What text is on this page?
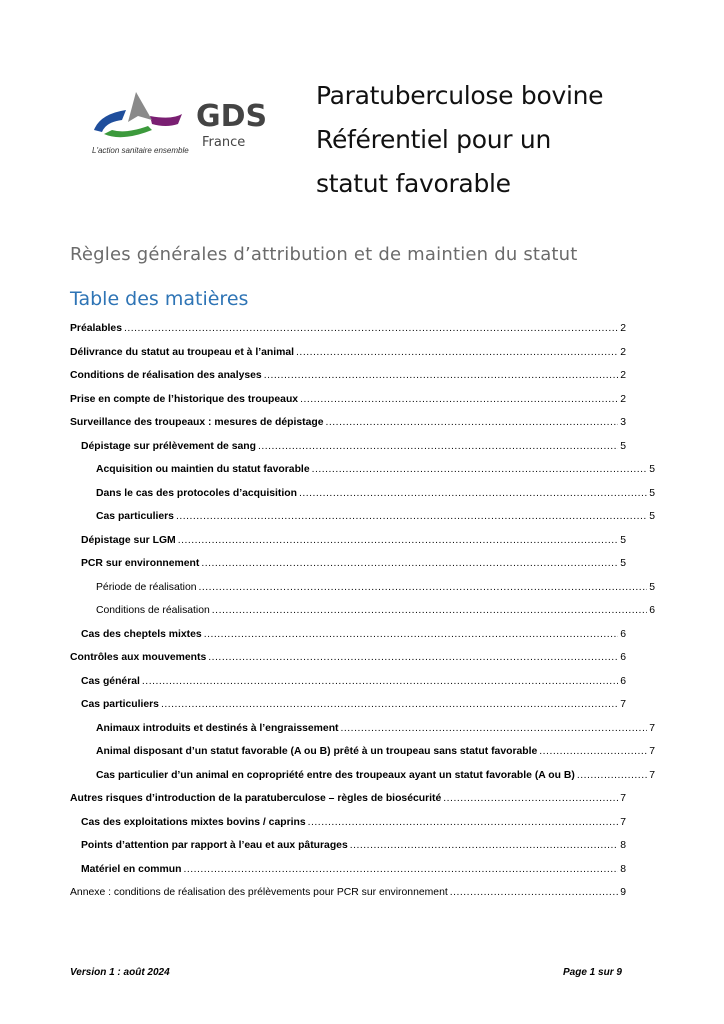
GDS
France
L'action sanitaire ensemble
Paratuberculose bovine
Référentiel pour un
statut favorable
Règles générales d’attribution et de maintien du statut
Table des matières
Préalables .....	2
Délivrance du statut au troupeau et à l’animal .....	2
Conditions de réalisation des analyses .....	2
Prise en compte de l’historique des troupeaux .....	2
Surveillance des troupeaux : mesures de dépistage .....	3
Dépistage sur prélèvement de sang .....	5
Acquisition ou maintien du statut favorable .....	5
Dans le cas des protocoles d’acquisition .....	5
Cas particuliers .....	5
Dépistage sur LGM .....	5
PCR sur environnement .....	5
Période de réalisation .....	5
Conditions de réalisation .....	6
Cas des cheptels mixtes .....	6
Contrôles aux mouvements .....	6
Cas général .....	6
Cas particuliers .....	7
Animaux introduits et destinés à l’engraissement .....	7
Animal disposant d’un statut favorable (A ou B) prêté à un troupeau sans statut favorable .....	7
Cas particulier d’un animal en copropriété entre des troupeaux ayant un statut favorable (A ou B) .....	7
Autres risques d’introduction de la paratuberculose – règles de biosécurité .....	7
Cas des exploitations mixtes bovins / caprins .....	7
Points d’attention par rapport à l’eau et aux pâturages .....	8
Matériel en commun .....	8
Annexe : conditions de réalisation des prélèvements pour PCR sur environnement .....	9
Version 1 : août 2024	Page 1 sur 9
